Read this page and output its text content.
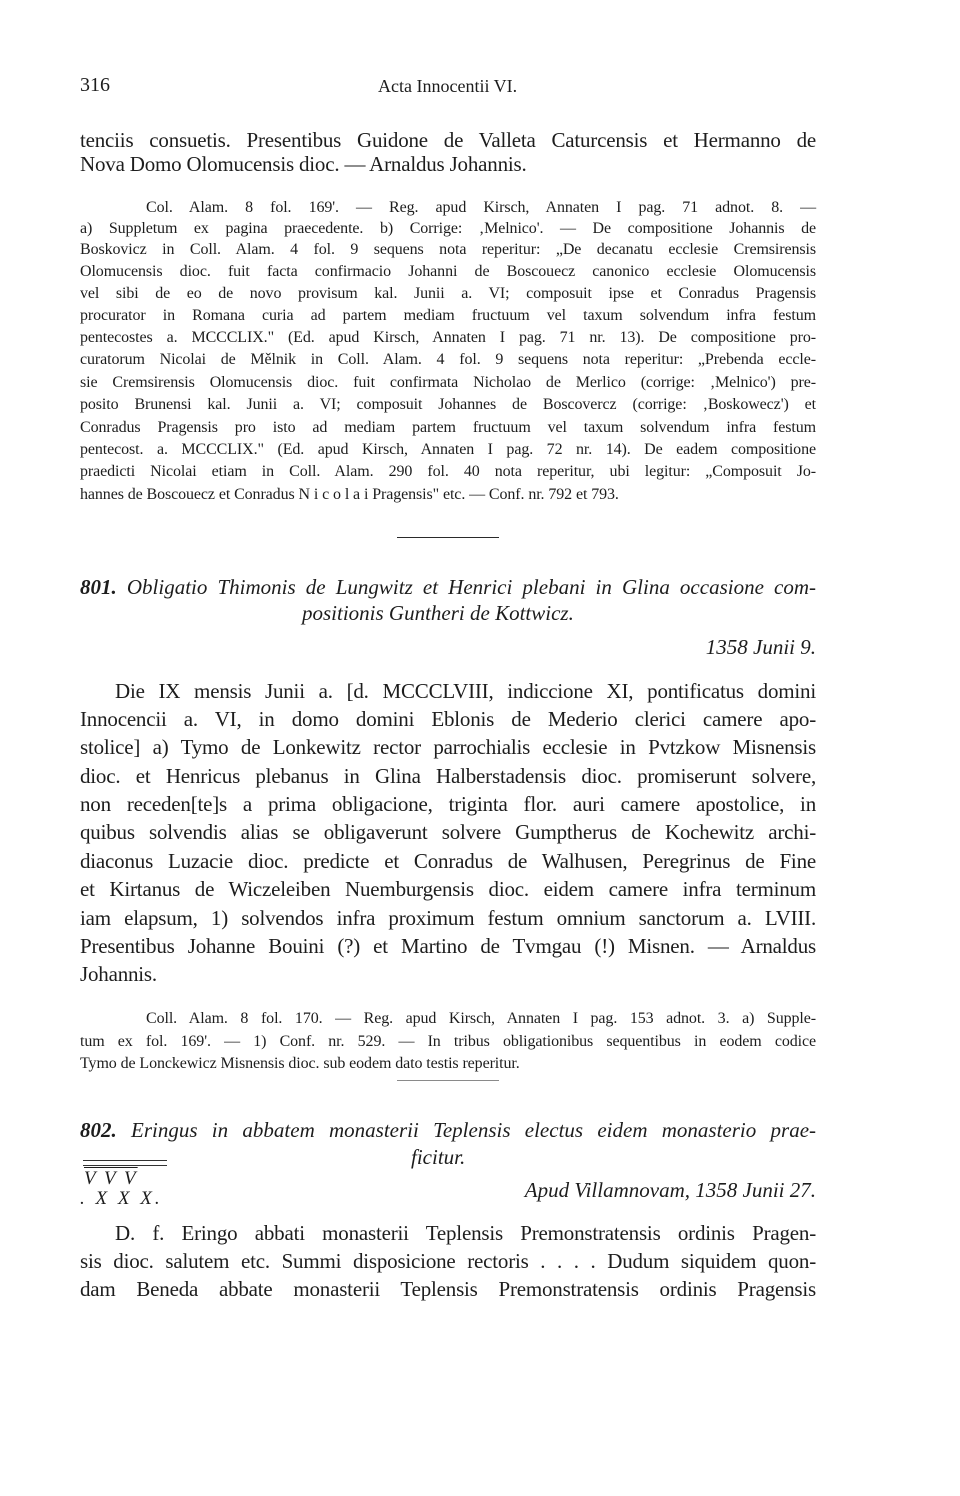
316	Acta Innocentii VI.

tenciis consuetis. Presentibus Guidone de Valleta Caturcensis et Hermanno de

Nova Domo Olomucensis dioc. — Arnaldus Johannis.

Col. Alam. 8 fol. 169'. — Reg. apud Kirsch, Annaten I pag. 71 adnot. 8. —

a) Suppletum ex pagina praecedente. b) Corrige: ‚Melnico'. — De compositione Johannis de

Boskovicz in Coll. Alam. 4 fol. 9 sequens nota reperitur: „De decanatu ecclesie Cremsirensis

Olomucensis dioc. fuit facta confirmacio Johanni de Boscouecz canonico ecclesie Olomucensis

vel sibi de eo de novo provisum kal. Junii a. VI; composuit ipse et Conradus Pragensis

procurator in Romana curia ad partem mediam fructuum vel taxum solvendum infra festum

pentecostes a. MCCCLIX." (Ed. apud Kirsch, Annaten I pag. 71 nr. 13). De compositione pro-

curatorum Nicolai de Mělnik in Coll. Alam. 4 fol. 9 sequens nota reperitur: „Prebenda eccle-

sie Cremsirensis Olomucensis dioc. fuit confirmata Nicholao de Merlico (corrige: ‚Melnico') pre-

posito Brunensi kal. Junii a. VI; composuit Johannes de Boscovercz (corrige: ‚Boskowecz') et

Conradus Pragensis pro isto ad mediam partem fructuum vel taxum solvendum infra festum

pentecost. a. MCCCLIX." (Ed. apud Kirsch, Annaten I pag. 72 nr. 14). De eadem compositione

praedicti Nicolai etiam in Coll. Alam. 290 fol. 40 nota reperitur, ubi legitur: „Composuit Jo-

hannes de Boscouecz et Conradus N i c o l a i Pragensis" etc. — Conf. nr. 792 et 793.

801. Obligatio Thimonis de Lungwitz et Henrici plebani in Glina occasione com-
positionis Guntheri de Kottwicz.
1358 Junii 9.

Die IX mensis Junii a. [d. MCCCLVIII, indiccione XI, pontificatus domini

Innocencii a. VI, in domo domini Eblonis de Mederio clerici camere apo-

stolice] a) Tymo de Lonkewitz rector parrochialis ecclesie in Pvtzkow Misnensis

dioc. et Henricus plebanus in Glina Halberstadensis dioc. promiserunt solvere,

non receden[te]s a prima obligacione, triginta flor. auri camere apostolice, in

quibus solvendis alias se obligaverunt solvere Gumptherus de Kochewitz archi-

diaconus Luzacie dioc. predicte et Conradus de Walhusen, Peregrinus de Fine

et Kirtanus de Wiczeleiben Nuemburgensis dioc. eidem camere infra terminum

iam elapsum, 1) solvendos infra proximum festum omnium sanctorum a. LVIII.

Presentibus Johanne Bouini (?) et Martino de Tvmgau (!) Misnen. — Arnaldus

Johannis.

Coll. Alam. 8 fol. 170. — Reg. apud Kirsch, Annaten I pag. 153 adnot. 3. a) Supple-

tum ex fol. 169'. — 1) Conf. nr. 529. — In tribus obligationibus sequentibus in eodem codice

Tymo de Lonckewicz Misnensis dioc. sub eodem dato testis reperitur.

802. Eringus in abbatem monasterii Teplensis electus eidem monasterio prae-
ficitur.
V V V
. X X X.	Apud Villamnovam, 1358 Junii 27.

D. f. Eringo abbati monasterii Teplensis Premonstratensis ordinis Pragen-

sis dioc. salutem etc. Summi disposicione rectoris . . . . Dudum siquidem quon-

dam Beneda abbate monasterii Teplensis Premonstratensis ordinis Pragensis
